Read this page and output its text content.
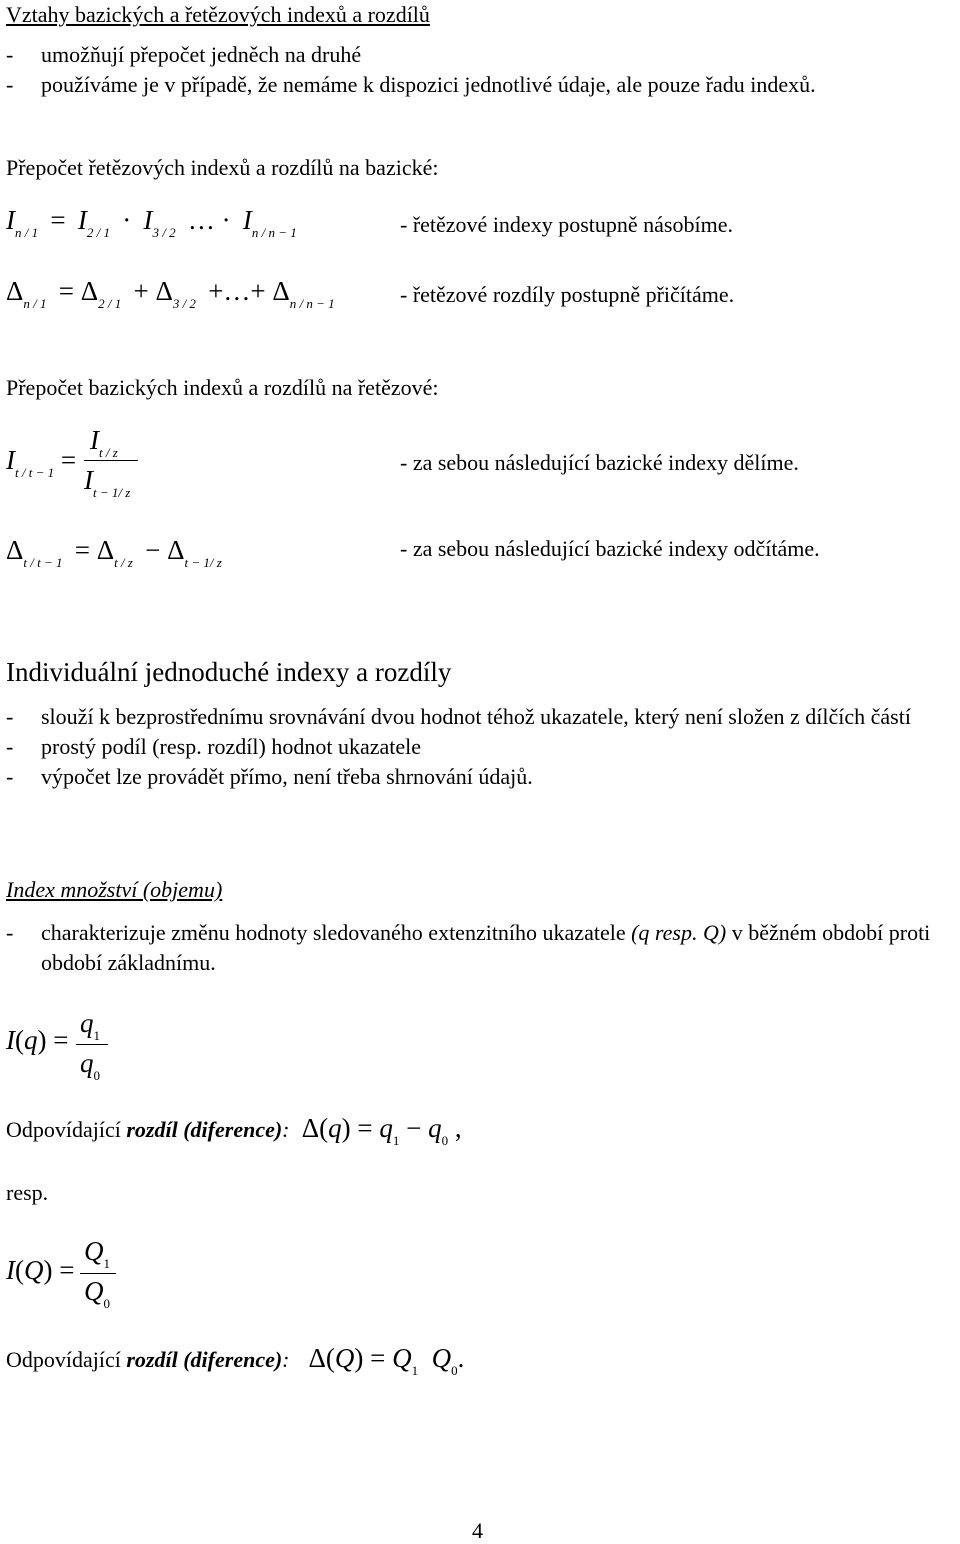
Vztahy bazických a řetězových indexů a rozdílů
- umožňují přepočet jedněch na druhé
- používáme je v případě, že nemáme k dispozici jednotlivé údaje, ale pouze řadu indexů.
Přepočet řetězových indexů a rozdílů na bazické:
$I_{n / 1} = I_{2 / 1} \cdot I_{3 / 2}$  … ·  $I_{n / n - 1}$	- řetězové indexy postupně násobíme.
$\Delta_{n / 1} = \Delta_{2 / 1} + \Delta_{3 / 2}$  +…+ $\Delta_{n / n - 1}$	- řetězové rozdíly postupně přičítáme.
Přepočet bazických indexů a rozdílů na řetězové:
$I_{t / t - 1}$ =
$I_{t / z}$
$I_{t - 1/ z}$
- za sebou následující bazické indexy dělíme.
$\Delta_{t / t - 1} = \Delta_{t / z} - \Delta_{t - 1/ z}$
- za sebou následující bazické indexy odčítáme.
Individuální jednoduché indexy a rozdíly
- slouží k bezprostřednímu srovnávání dvou hodnot téhož ukazatele, který není složen z dílčích částí
- prostý podíl (resp. rozdíl) hodnot ukazatele
- výpočet lze provádět přímo, není třeba shrnování údajů.
Index množství (objemu)
- charakterizuje změnu hodnoty sledovaného extenzitního ukazatele (q resp. Q) v běžném období proti období základnímu.
I(q) =
$q_1$
$q_0$
Odpovídající rozdíl (diference):  $\Delta(q) = q_1 - q_0$ ,
resp.
I(Q) =
$Q_1$
$Q_0$
Odpovídající rozdíl (diference):   $\Delta(Q) = Q_1$ $Q_0$.
4
